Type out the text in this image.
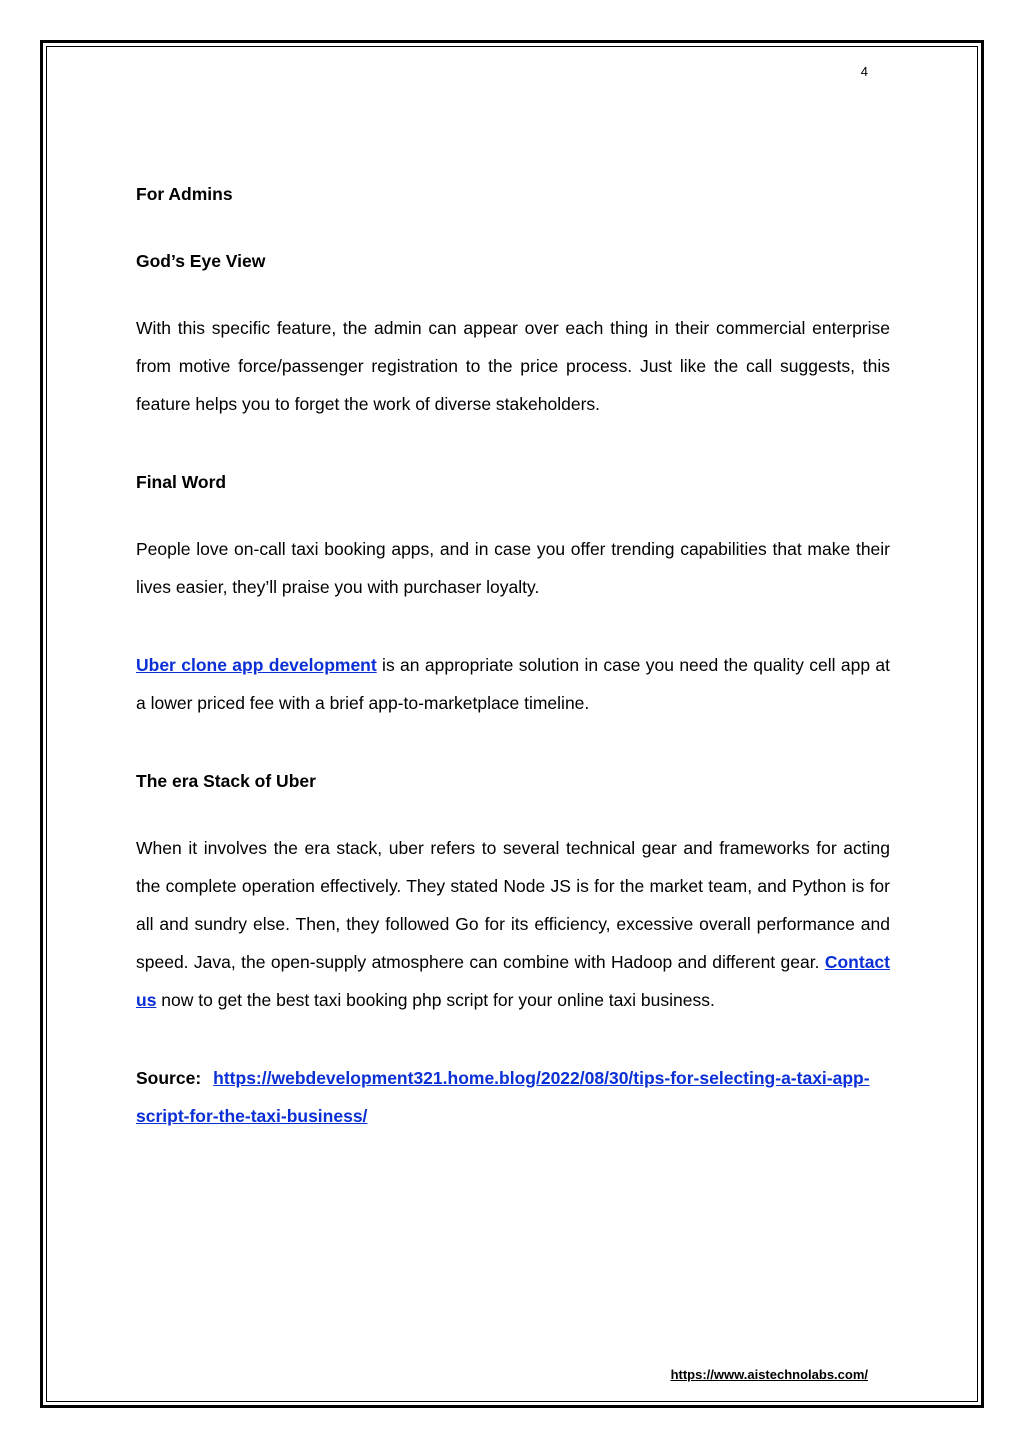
4

For Admins

God’s Eye View

With this specific feature, the admin can appear over each thing in their commercial enterprise from motive force/passenger registration to the price process. Just like the call suggests, this feature helps you to forget the work of diverse stakeholders.

Final Word

People love on-call taxi booking apps, and in case you offer trending capabilities that make their lives easier, they’ll praise you with purchaser loyalty.

Uber clone app development is an appropriate solution in case you need the quality cell app at a lower priced fee with a brief app-to-marketplace timeline.

The era Stack of Uber

When it involves the era stack, uber refers to several technical gear and frameworks for acting the complete operation effectively. They stated Node JS is for the market team, and Python is for all and sundry else. Then, they followed Go for its efficiency, excessive overall performance and speed. Java, the open-supply atmosphere can combine with Hadoop and different gear. Contact us now to get the best taxi booking php script for your online taxi business.

Source: https://webdevelopment321.home.blog/2022/08/30/tips-for-selecting-a-taxi-app-script-for-the-taxi-business/

https://www.aistechnolabs.com/
